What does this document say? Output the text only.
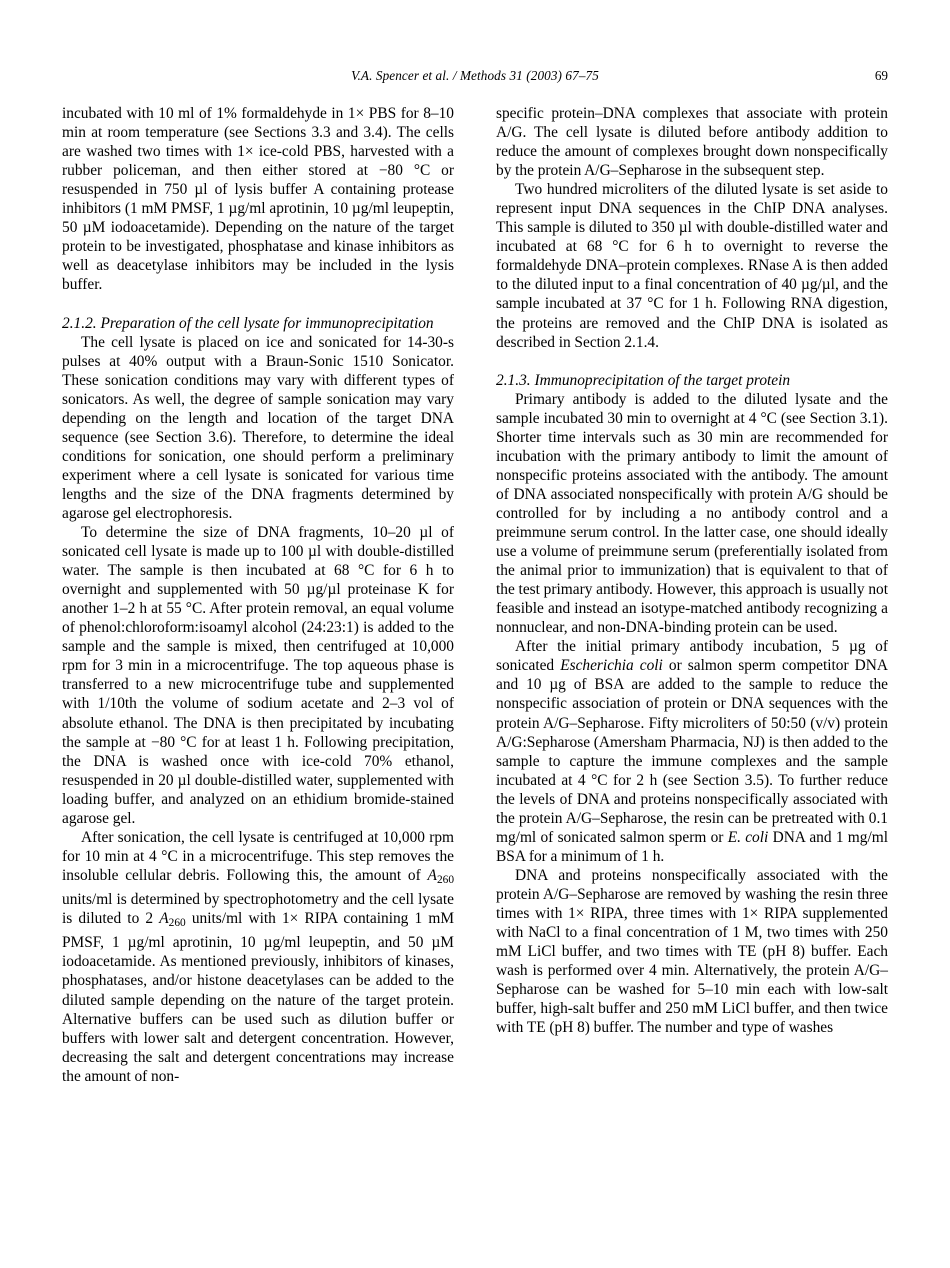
V.A. Spencer et al. / Methods 31 (2003) 67–75	69

incubated with 10 ml of 1% formaldehyde in 1× PBS for 8–10 min at room temperature (see Sections 3.3 and 3.4). The cells are washed two times with 1× ice-cold PBS, harvested with a rubber policeman, and then either stored at −80 °C or resuspended in 750 µl of lysis buffer A containing protease inhibitors (1 mM PMSF, 1 µg/ml aprotinin, 10 µg/ml leupeptin, 50 µM iodoacetamide). Depending on the nature of the target protein to be investigated, phosphatase and kinase inhibitors as well as deacetylase inhibitors may be included in the lysis buffer.

2.1.2. Preparation of the cell lysate for immunoprecipitation

The cell lysate is placed on ice and sonicated for 14-30-s pulses at 40% output with a Braun-Sonic 1510 Sonicator. These sonication conditions may vary with different types of sonicators. As well, the degree of sample sonication may vary depending on the length and location of the target DNA sequence (see Section 3.6). Therefore, to determine the ideal conditions for sonication, one should perform a preliminary experiment where a cell lysate is sonicated for various time lengths and the size of the DNA fragments determined by agarose gel electrophoresis.

To determine the size of DNA fragments, 10–20 µl of sonicated cell lysate is made up to 100 µl with double-distilled water. The sample is then incubated at 68 °C for 6 h to overnight and supplemented with 50 µg/µl proteinase K for another 1–2 h at 55 °C. After protein removal, an equal volume of phenol:chloroform:isoamyl alcohol (24:23:1) is added to the sample and the sample is mixed, then centrifuged at 10,000 rpm for 3 min in a microcentrifuge. The top aqueous phase is transferred to a new microcentrifuge tube and supplemented with 1/10th the volume of sodium acetate and 2–3 vol of absolute ethanol. The DNA is then precipitated by incubating the sample at −80 °C for at least 1 h. Following precipitation, the DNA is washed once with ice-cold 70% ethanol, resuspended in 20 µl double-distilled water, supplemented with loading buffer, and analyzed on an ethidium bromide-stained agarose gel.

After sonication, the cell lysate is centrifuged at 10,000 rpm for 10 min at 4 °C in a microcentrifuge. This step removes the insoluble cellular debris. Following this, the amount of $A_{260}$ units/ml is determined by spectrophotometry and the cell lysate is diluted to 2 $A_{260}$ units/ml with 1× RIPA containing 1 mM PMSF, 1 µg/ml aprotinin, 10 µg/ml leupeptin, and 50 µM iodoacetamide. As mentioned previously, inhibitors of kinases, phosphatases, and/or histone deacetylases can be added to the diluted sample depending on the nature of the target protein. Alternative buffers can be used such as dilution buffer or buffers with lower salt and detergent concentration. However, decreasing the salt and detergent concentrations may increase the amount of non-

specific protein–DNA complexes that associate with protein A/G. The cell lysate is diluted before antibody addition to reduce the amount of complexes brought down nonspecifically by the protein A/G–Sepharose in the subsequent step.

Two hundred microliters of the diluted lysate is set aside to represent input DNA sequences in the ChIP DNA analyses. This sample is diluted to 350 µl with double-distilled water and incubated at 68 °C for 6 h to overnight to reverse the formaldehyde DNA–protein complexes. RNase A is then added to the diluted input to a final concentration of 40 µg/µl, and the sample incubated at 37 °C for 1 h. Following RNA digestion, the proteins are removed and the ChIP DNA is isolated as described in Section 2.1.4.

2.1.3. Immunoprecipitation of the target protein

Primary antibody is added to the diluted lysate and the sample incubated 30 min to overnight at 4 °C (see Section 3.1). Shorter time intervals such as 30 min are recommended for incubation with the primary antibody to limit the amount of nonspecific proteins associated with the antibody. The amount of DNA associated nonspecifically with protein A/G should be controlled for by including a no antibody control and a preimmune serum control. In the latter case, one should ideally use a volume of preimmune serum (preferentially isolated from the animal prior to immunization) that is equivalent to that of the test primary antibody. However, this approach is usually not feasible and instead an isotype-matched antibody recognizing a nonnuclear, and non-DNA-binding protein can be used.

After the initial primary antibody incubation, 5 µg of sonicated Escherichia coli or salmon sperm competitor DNA and 10 µg of BSA are added to the sample to reduce the nonspecific association of protein or DNA sequences with the protein A/G–Sepharose. Fifty microliters of 50:50 (v/v) protein A/G:Sepharose (Amersham Pharmacia, NJ) is then added to the sample to capture the immune complexes and the sample incubated at 4 °C for 2 h (see Section 3.5). To further reduce the levels of DNA and proteins nonspecifically associated with the protein A/G–Sepharose, the resin can be pretreated with 0.1 mg/ml of sonicated salmon sperm or E. coli DNA and 1 mg/ml BSA for a minimum of 1 h.

DNA and proteins nonspecifically associated with the protein A/G–Sepharose are removed by washing the resin three times with 1× RIPA, three times with 1× RIPA supplemented with NaCl to a final concentration of 1 M, two times with 250 mM LiCl buffer, and two times with TE (pH 8) buffer. Each wash is performed over 4 min. Alternatively, the protein A/G–Sepharose can be washed for 5–10 min each with low-salt buffer, high-salt buffer and 250 mM LiCl buffer, and then twice with TE (pH 8) buffer. The number and type of washes
